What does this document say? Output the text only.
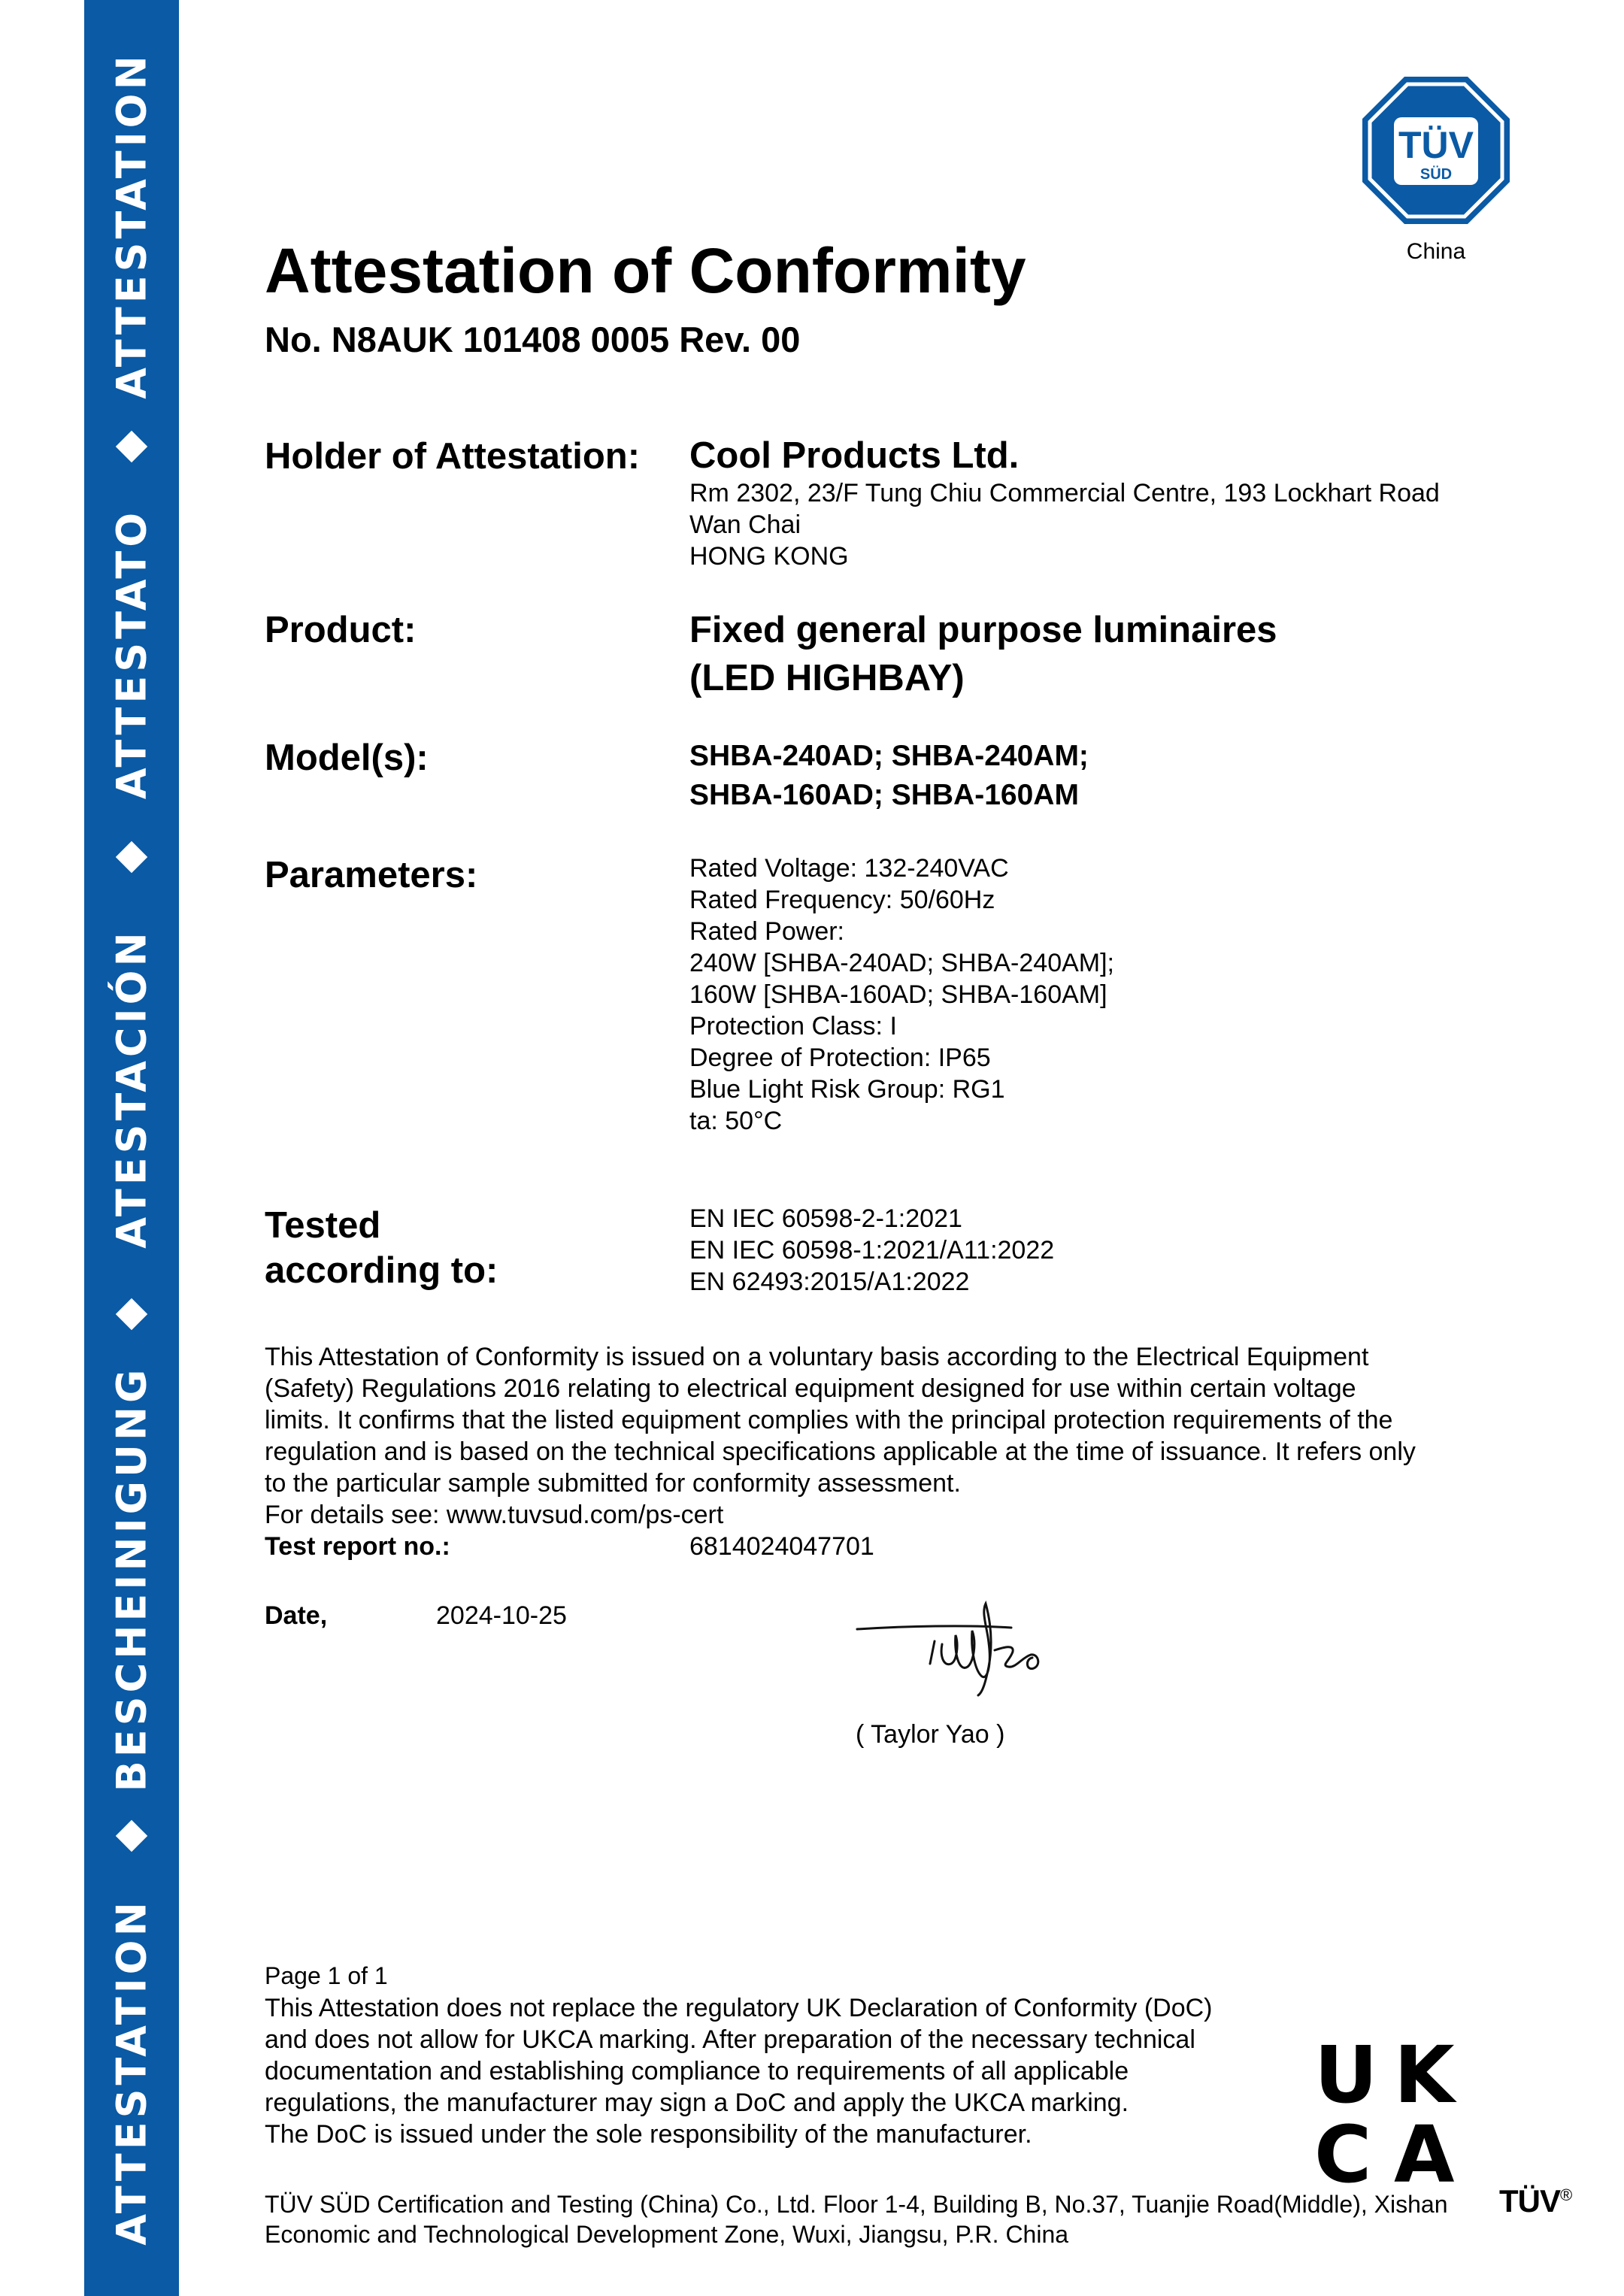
ATTESTATION
ATTESTATO
ATESTACIÓN
BESCHEINIGUNG
ATTESTATION
TÜV
SÜD
China
Attestation of Conformity
No. N8AUK 101408 0005 Rev. 00
Holder of Attestation: Cool Products Ltd.
Rm 2302, 23/F Tung Chiu Commercial Centre, 193 Lockhart Road
Wan Chai
HONG KONG
Product:	Fixed general purpose luminaires
(LED HIGHBAY)
Model(s):	SHBA-240AD; SHBA-240AM;
SHBA-160AD; SHBA-160AM
Parameters:	Rated Voltage: 132-240VAC
Rated Frequency: 50/60Hz
Rated Power:
240W [SHBA-240AD; SHBA-240AM];
160W [SHBA-160AD; SHBA-160AM]
Protection Class: I
Degree of Protection: IP65
Blue Light Risk Group: RG1
ta: 50°C
Tested
according to:
EN IEC 60598-2-1:2021
EN IEC 60598-1:2021/A11:2022
EN 62493:2015/A1:2022
This Attestation of Conformity is issued on a voluntary basis according to the Electrical Equipment
(Safety) Regulations 2016 relating to electrical equipment designed for use within certain voltage
limits. It confirms that the listed equipment complies with the principal protection requirements of the
regulation and is based on the technical specifications applicable at the time of issuance. It refers only
to the particular sample submitted for conformity assessment.
For details see: www.tuvsud.com/ps-cert
Test report no.:	6814024047701
Date,	2024-10-25
( Taylor Yao )
Page 1 of 1
This Attestation does not replace the regulatory UK Declaration of Conformity (DoC)
and does not allow for UKCA marking. After preparation of the necessary technical
documentation and establishing compliance to requirements of all applicable
regulations, the manufacturer may sign a DoC and apply the UKCA marking.
The DoC is issued under the sole responsibility of the manufacturer.
U K
C A
TÜV®
TÜV SÜD Certification and Testing (China) Co., Ltd. Floor 1-4, Building B, No.37, Tuanjie Road(Middle), Xishan
Economic and Technological Development Zone, Wuxi, Jiangsu, P.R. China
